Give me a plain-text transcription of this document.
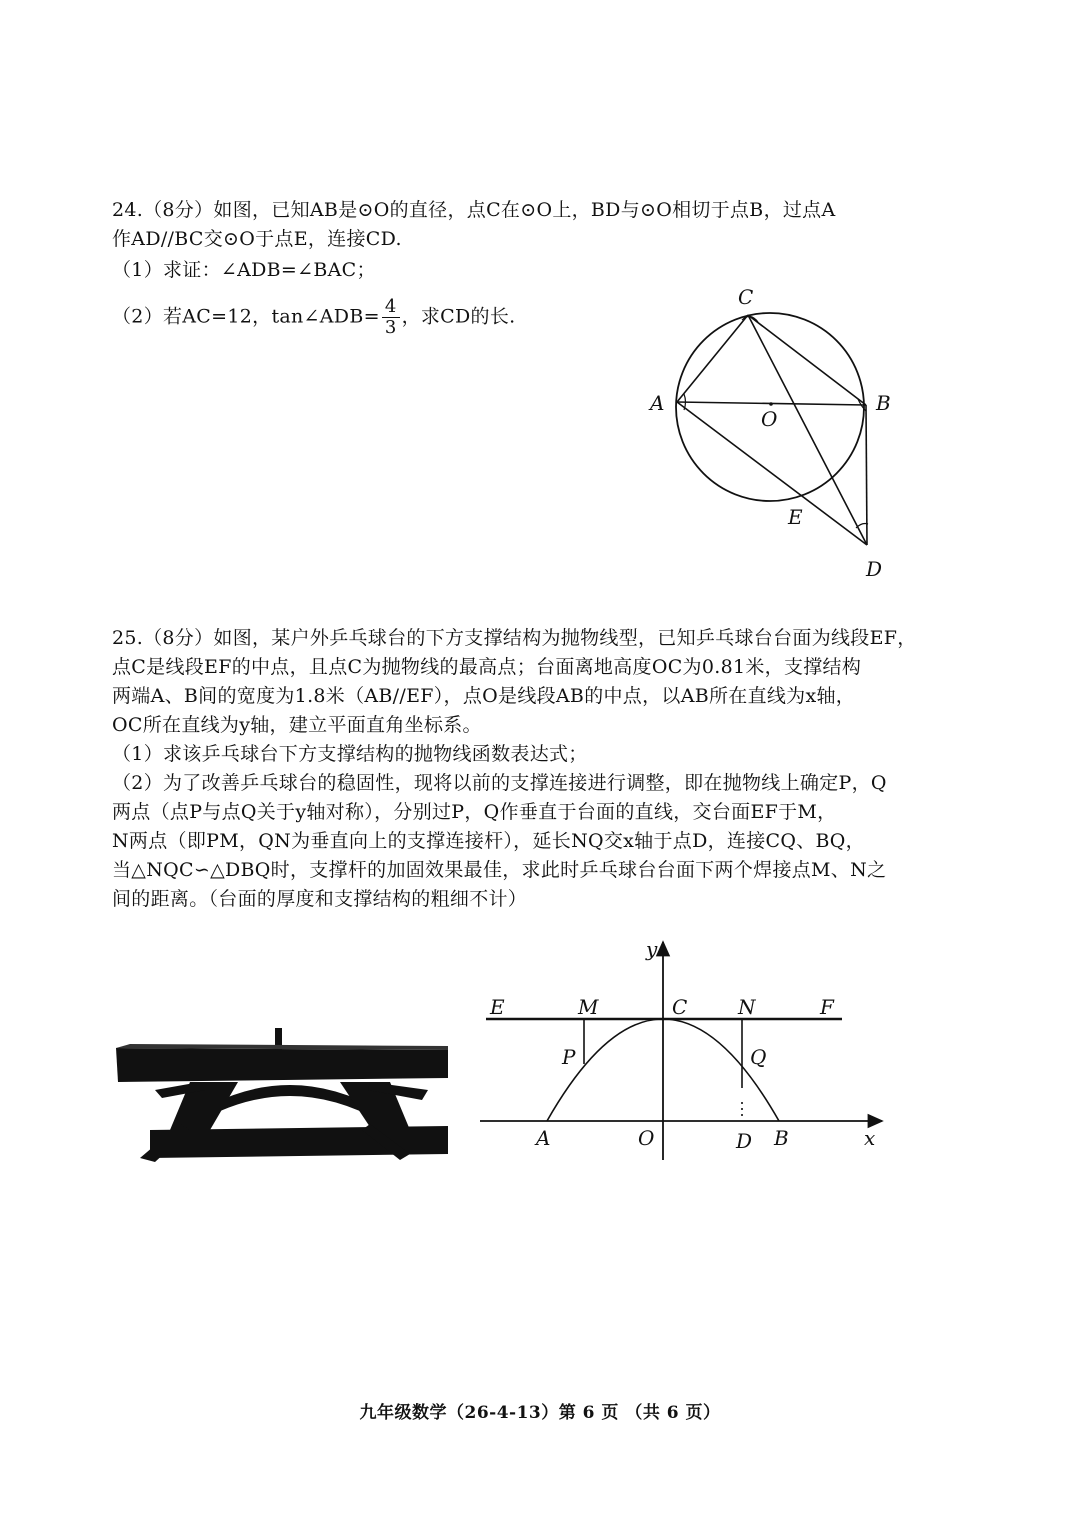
24.（8分）如图，已知AB是⊙O的直径，点C在⊙O上，BD与⊙O相切于点B，过点A
作AD//BC交⊙O于点E，连接CD.
（1）求证：∠ADB=∠BAC；
（2）若AC=12，tan∠ADB= $\frac{4}{3}$ ，求CD的长.
C
A
O
B
E
D
25.（8分）如图，某户外乒乓球台的下方支撑结构为抛物线型，已知乒乓球台台面为线段EF，
点C是线段EF的中点，且点C为抛物线的最高点；台面离地高度OC为0.81米，支撑结构
两端A、B间的宽度为1.8米（AB//EF），点O是线段AB的中点，以AB所在直线为x轴，
OC所在直线为y轴，建立平面直角坐标系。
（1）求该乒乓球台下方支撑结构的抛物线函数表达式；
（2）为了改善乒乓球台的稳固性，现将以前的支撑连接进行调整，即在抛物线上确定P，Q
两点（点P与点Q关于y轴对称），分别过P，Q作垂直于台面的直线，交台面EF于M，
N两点（即PM，QN为垂直向上的支撑连接杆），延长NQ交x轴于点D，连接CQ、BQ，
当△NQC∽△DBQ时，支撑杆的加固效果最佳，求此时乒乓球台台面下两个焊接点M、N之
间的距离。（台面的厚度和支撑结构的粗细不计）
y
E	M	C	N	F
P	Q
A	O	D B	x
九年级数学（26-4-13）第 6 页 （共 6 页）
